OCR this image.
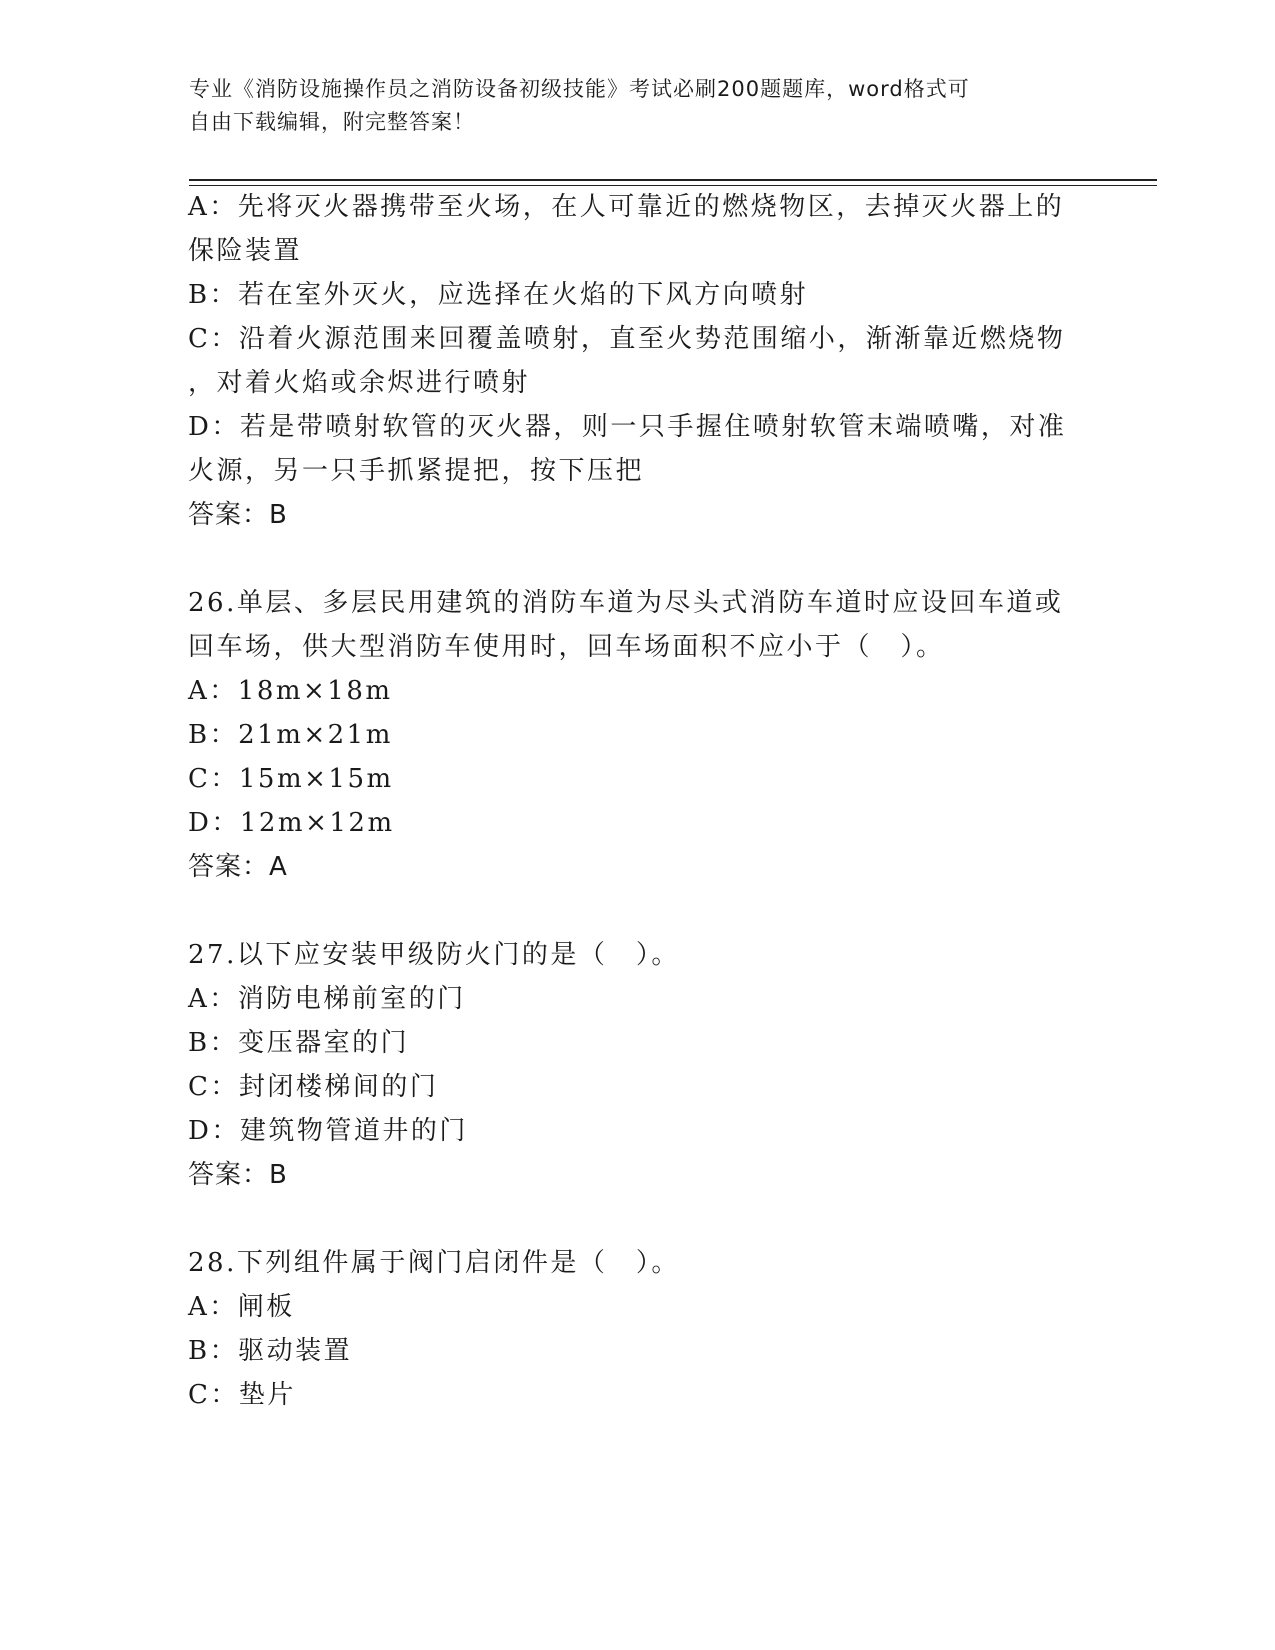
专业《消防设施操作员之消防设备初级技能》考试必刷200题题库，word格式可
自由下载编辑，附完整答案！
A：先将灭火器携带至火场，在人可靠近的燃烧物区，去掉灭火器上的
保险装置
B：若在室外灭火，应选择在火焰的下风方向喷射
C：沿着火源范围来回覆盖喷射，直至火势范围缩小，渐渐靠近燃烧物
，对着火焰或余烬进行喷射
D：若是带喷射软管的灭火器，则一只手握住喷射软管末端喷嘴，对准
火源，另一只手抓紧提把，按下压把
答案：B
26.单层、多层民用建筑的消防车道为尽头式消防车道时应设回车道或
回车场，供大型消防车使用时，回车场面积不应小于（　）。
A：18m×18m
B：21m×21m
C：15m×15m
D：12m×12m
答案：A
27.以下应安装甲级防火门的是（　）。
A：消防电梯前室的门
B：变压器室的门
C：封闭楼梯间的门
D：建筑物管道井的门
答案：B
28.下列组件属于阀门启闭件是（　）。
A：闸板
B：驱动装置
C：垫片
